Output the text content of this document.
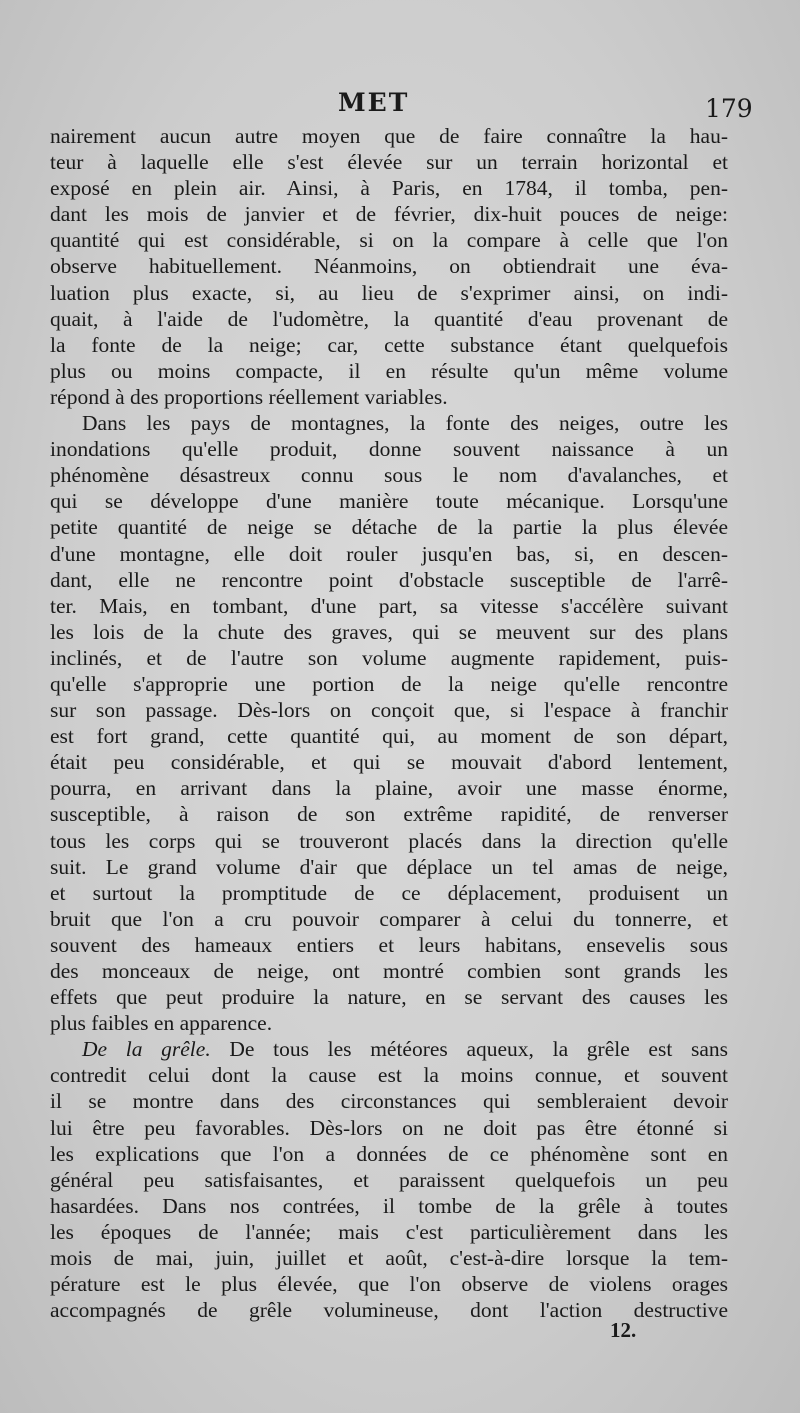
MET	179
nairement aucun autre moyen que de faire connaître la hau-
teur à laquelle elle s'est élevée sur un terrain horizontal et
exposé en plein air. Ainsi, à Paris, en 1784, il tomba, pen-
dant les mois de janvier et de février, dix-huit pouces de neige:
quantité qui est considérable, si on la compare à celle que l'on
observe habituellement. Néanmoins, on obtiendrait une éva-
luation plus exacte, si, au lieu de s'exprimer ainsi, on indi-
quait, à l'aide de l'udomètre, la quantité d'eau provenant de
la fonte de la neige; car, cette substance étant quelquefois
plus ou moins compacte, il en résulte qu'un même volume
répond à des proportions réellement variables.
Dans les pays de montagnes, la fonte des neiges, outre les
inondations qu'elle produit, donne souvent naissance à un
phénomène désastreux connu sous le nom d'avalanches, et
qui se développe d'une manière toute mécanique. Lorsqu'une
petite quantité de neige se détache de la partie la plus élevée
d'une montagne, elle doit rouler jusqu'en bas, si, en descen-
dant, elle ne rencontre point d'obstacle susceptible de l'arrê-
ter. Mais, en tombant, d'une part, sa vitesse s'accélère suivant
les lois de la chute des graves, qui se meuvent sur des plans
inclinés, et de l'autre son volume augmente rapidement, puis-
qu'elle s'approprie une portion de la neige qu'elle rencontre
sur son passage. Dès-lors on conçoit que, si l'espace à franchir
est fort grand, cette quantité qui, au moment de son départ,
était peu considérable, et qui se mouvait d'abord lentement,
pourra, en arrivant dans la plaine, avoir une masse énorme,
susceptible, à raison de son extrême rapidité, de renverser
tous les corps qui se trouveront placés dans la direction qu'elle
suit. Le grand volume d'air que déplace un tel amas de neige,
et surtout la promptitude de ce déplacement, produisent un
bruit que l'on a cru pouvoir comparer à celui du tonnerre, et
souvent des hameaux entiers et leurs habitans, ensevelis sous
des monceaux de neige, ont montré combien sont grands les
effets que peut produire la nature, en se servant des causes les
plus faibles en apparence.
De la grêle. De tous les météores aqueux, la grêle est sans
contredit celui dont la cause est la moins connue, et souvent
il se montre dans des circonstances qui sembleraient devoir
lui être peu favorables. Dès-lors on ne doit pas être étonné si
les explications que l'on a données de ce phénomène sont en
général peu satisfaisantes, et paraissent quelquefois un peu
hasardées. Dans nos contrées, il tombe de la grêle à toutes
les époques de l'année; mais c'est particulièrement dans les
mois de mai, juin, juillet et août, c'est-à-dire lorsque la tem-
pérature est le plus élevée, que l'on observe de violens orages
accompagnés de grêle volumineuse, dont l'action destructive
12.
